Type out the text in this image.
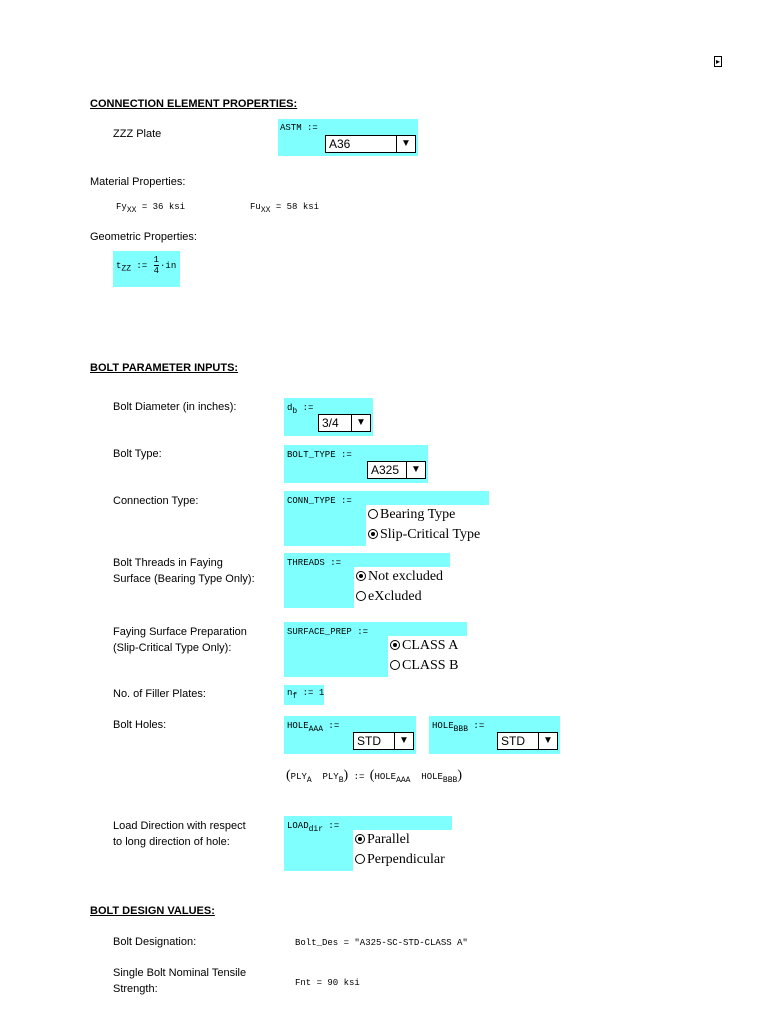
▸
CONNECTION ELEMENT PROPERTIES:
ZZZ Plate	ASTM :=
A36	▼
Material Properties:
$Fy_{XX} = 36$ ksi	$Fu_{XX} = 58$ ksi
Geometric Properties:
$t_{ZZ}$ := $\frac{1}{4} \cdot in$
BOLT PARAMETER INPUTS:
Bolt Diameter (in inches):	$d_b$ :=
3/4	▼
Bolt Type:	BOLT_TYPE :=
A325	▼
Connection Type:	CONN_TYPE :=
Bearing Type
Slip-Critical Type
Bolt Threads in Faying
Surface (Bearing Type Only):
THREADS :=
Not excluded
eXcluded
Faying Surface Preparation
(Slip-Critical Type Only):
SURFACE_PREP :=
CLASS A
CLASS B
No. of Filler Plates:	$n_f$ := 1
Bolt Holes:	$HOLE_{AAA}$ :=
STD	▼
$HOLE_{BBB}$ :=
STD	▼
($PLY_A$ $PLY_B$) := ($HOLE_{AAA}$ $HOLE_{BBB}$)
Load Direction with respect
to long direction of hole:
$LOAD_{dir}$ :=
Parallel
Perpendicular
BOLT DESIGN VALUES:
Bolt Designation:	Bolt_Des = "A325-SC-STD-CLASS A"
Single Bolt Nominal Tensile
Strength:	Fnt = 90 ksi
